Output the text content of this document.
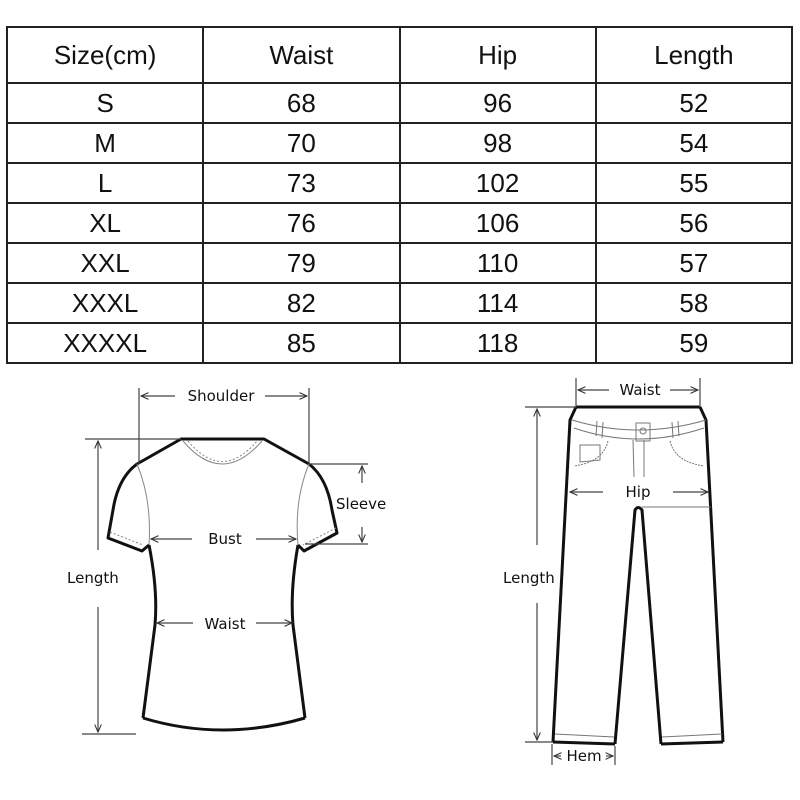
Size(cm)	Waist	Hip	Length
S	68	96	52
M	70	98	54
L	73	102	55
XL	76	106	56
XXL	79	110	57
XXXL	82	114	58
XXXXL	85	118	59
Shoulder
Sleeve
Bust
Length
Waist
Waist
Hip
Length
Hem
